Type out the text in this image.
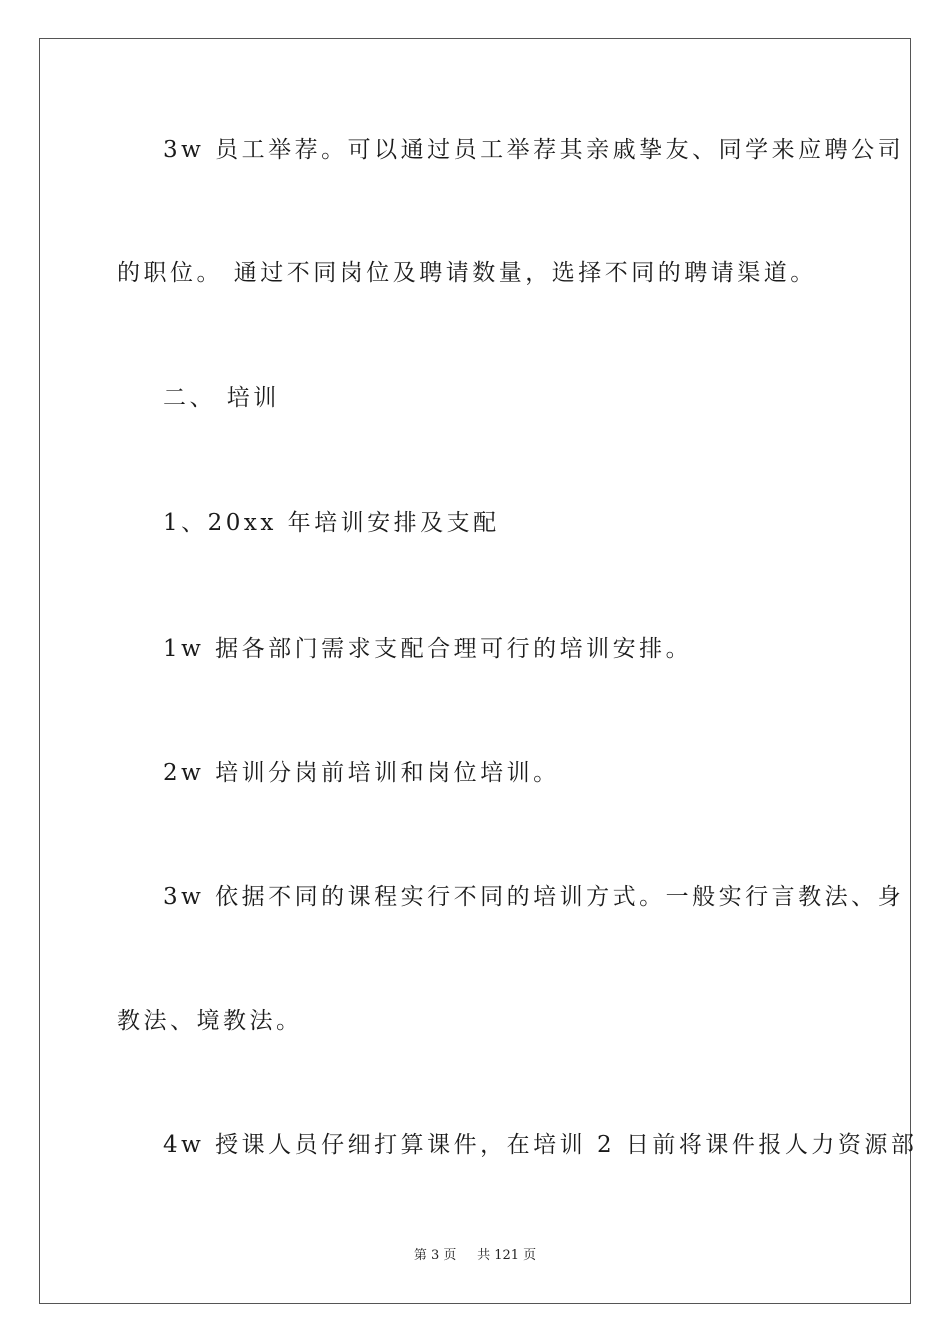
3w 员工举荐。可以通过员工举荐其亲戚挚友、同学来应聘公司
的职位。 通过不同岗位及聘请数量，选择不同的聘请渠道。
二、 培训
1、20xx 年培训安排及支配
1w 据各部门需求支配合理可行的培训安排。
2w 培训分岗前培训和岗位培训。
3w 依据不同的课程实行不同的培训方式。一般实行言教法、身
教法、境教法。
4w 授课人员仔细打算课件，在培训 2 日前将课件报人力资源部
第 3 页 共 121 页
